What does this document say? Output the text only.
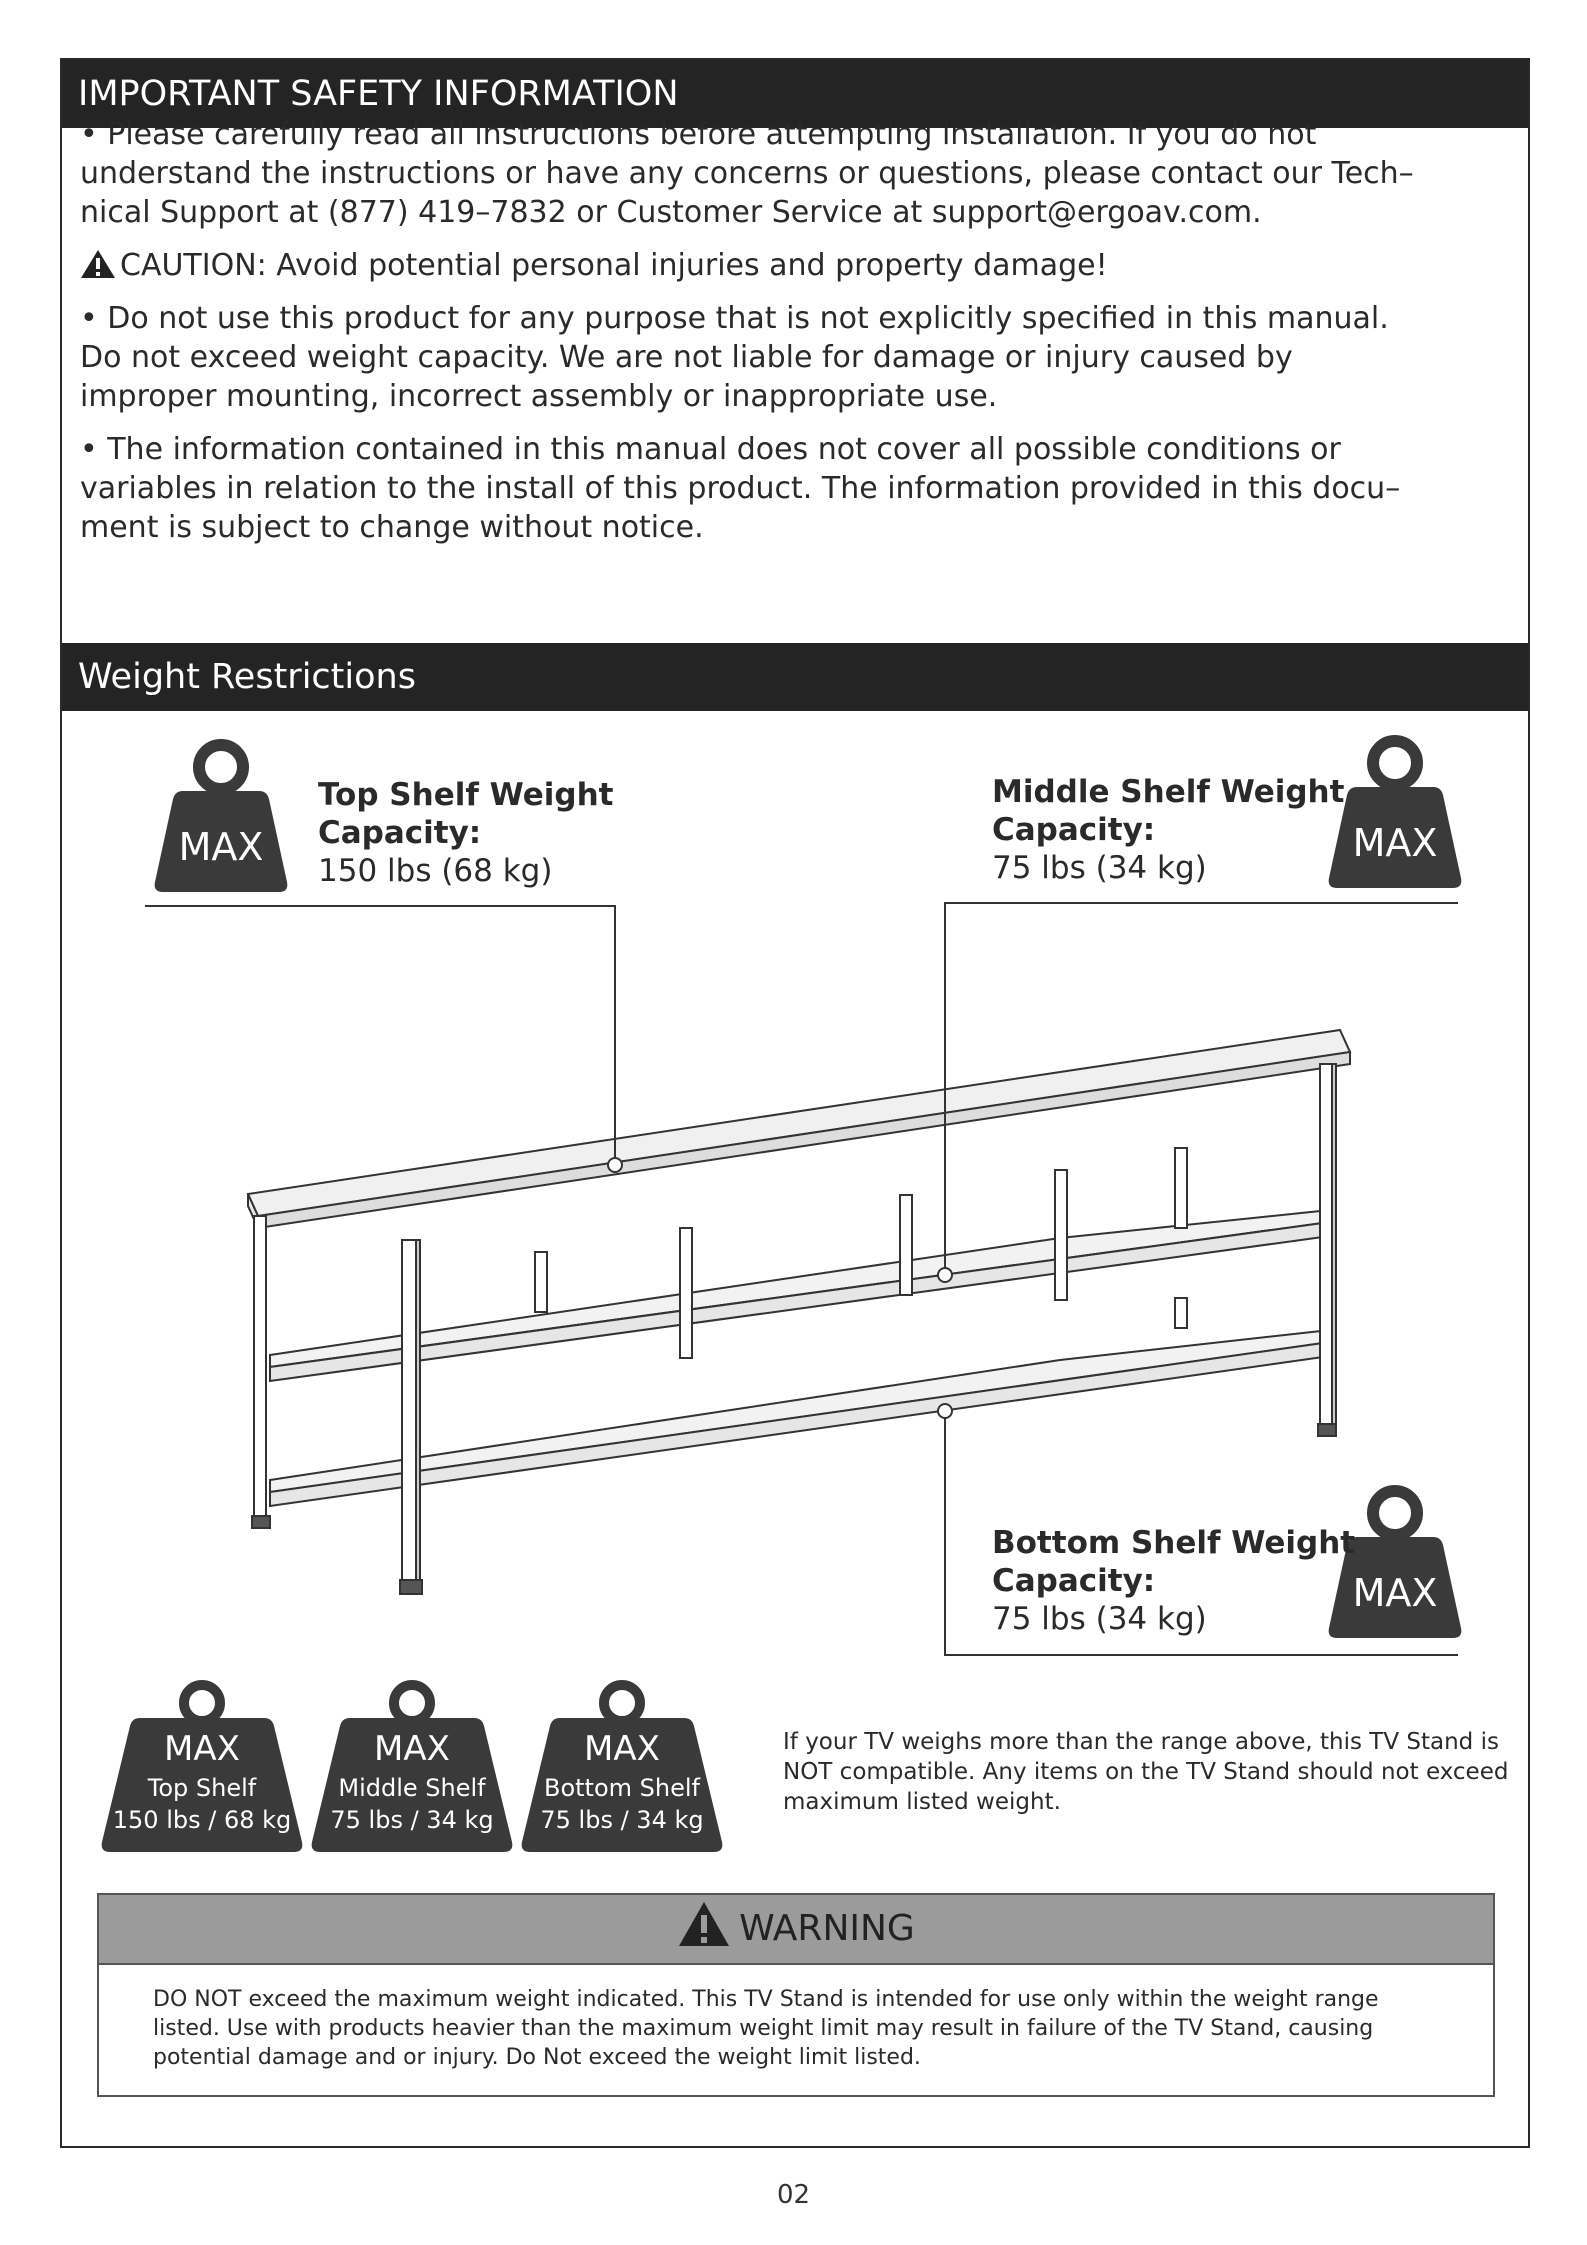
IMPORTANT SAFETY INFORMATION
Weight Restrictions

• Please carefully read all instructions before attempting installation. If you do not understand the instructions or have any concerns or questions, please contact our Tech–nical Support at (877) 419–7832 or Customer Service at support@ergoav.com.

CAUTION: Avoid potential personal injuries and property damage!

• Do not use this product for any purpose that is not explicitly specified in this manual. Do not exceed weight capacity. We are not liable for damage or injury caused by improper mounting, incorrect assembly or inappropriate use.

• The information contained in this manual does not cover all possible conditions or variables in relation to the install of this product. The information provided in this docu–ment is subject to change without notice.

MAX	MAX
MAX
Top Shelf Weight
Capacity:
150 lbs (68 kg)
Middle Shelf Weight
Capacity:
75 lbs (34 kg)
Bottom Shelf Weight
Capacity:
75 lbs (34 kg)
MAX
Top Shelf
150 lbs / 68 kg
MAX
Middle Shelf
75 lbs / 34 kg
MAX
Bottom Shelf
75 lbs / 34 kg
If your TV weighs more than the range above, this TV Stand is NOT compatible. Any items on the TV Stand should not exceed maximum listed weight.
WARNING
DO NOT exceed the maximum weight indicated. This TV Stand is intended for use only within the weight range listed. Use with products heavier than the maximum weight limit may result in failure of the TV Stand, causing potential damage and or injury. Do Not exceed the weight limit listed.
02
